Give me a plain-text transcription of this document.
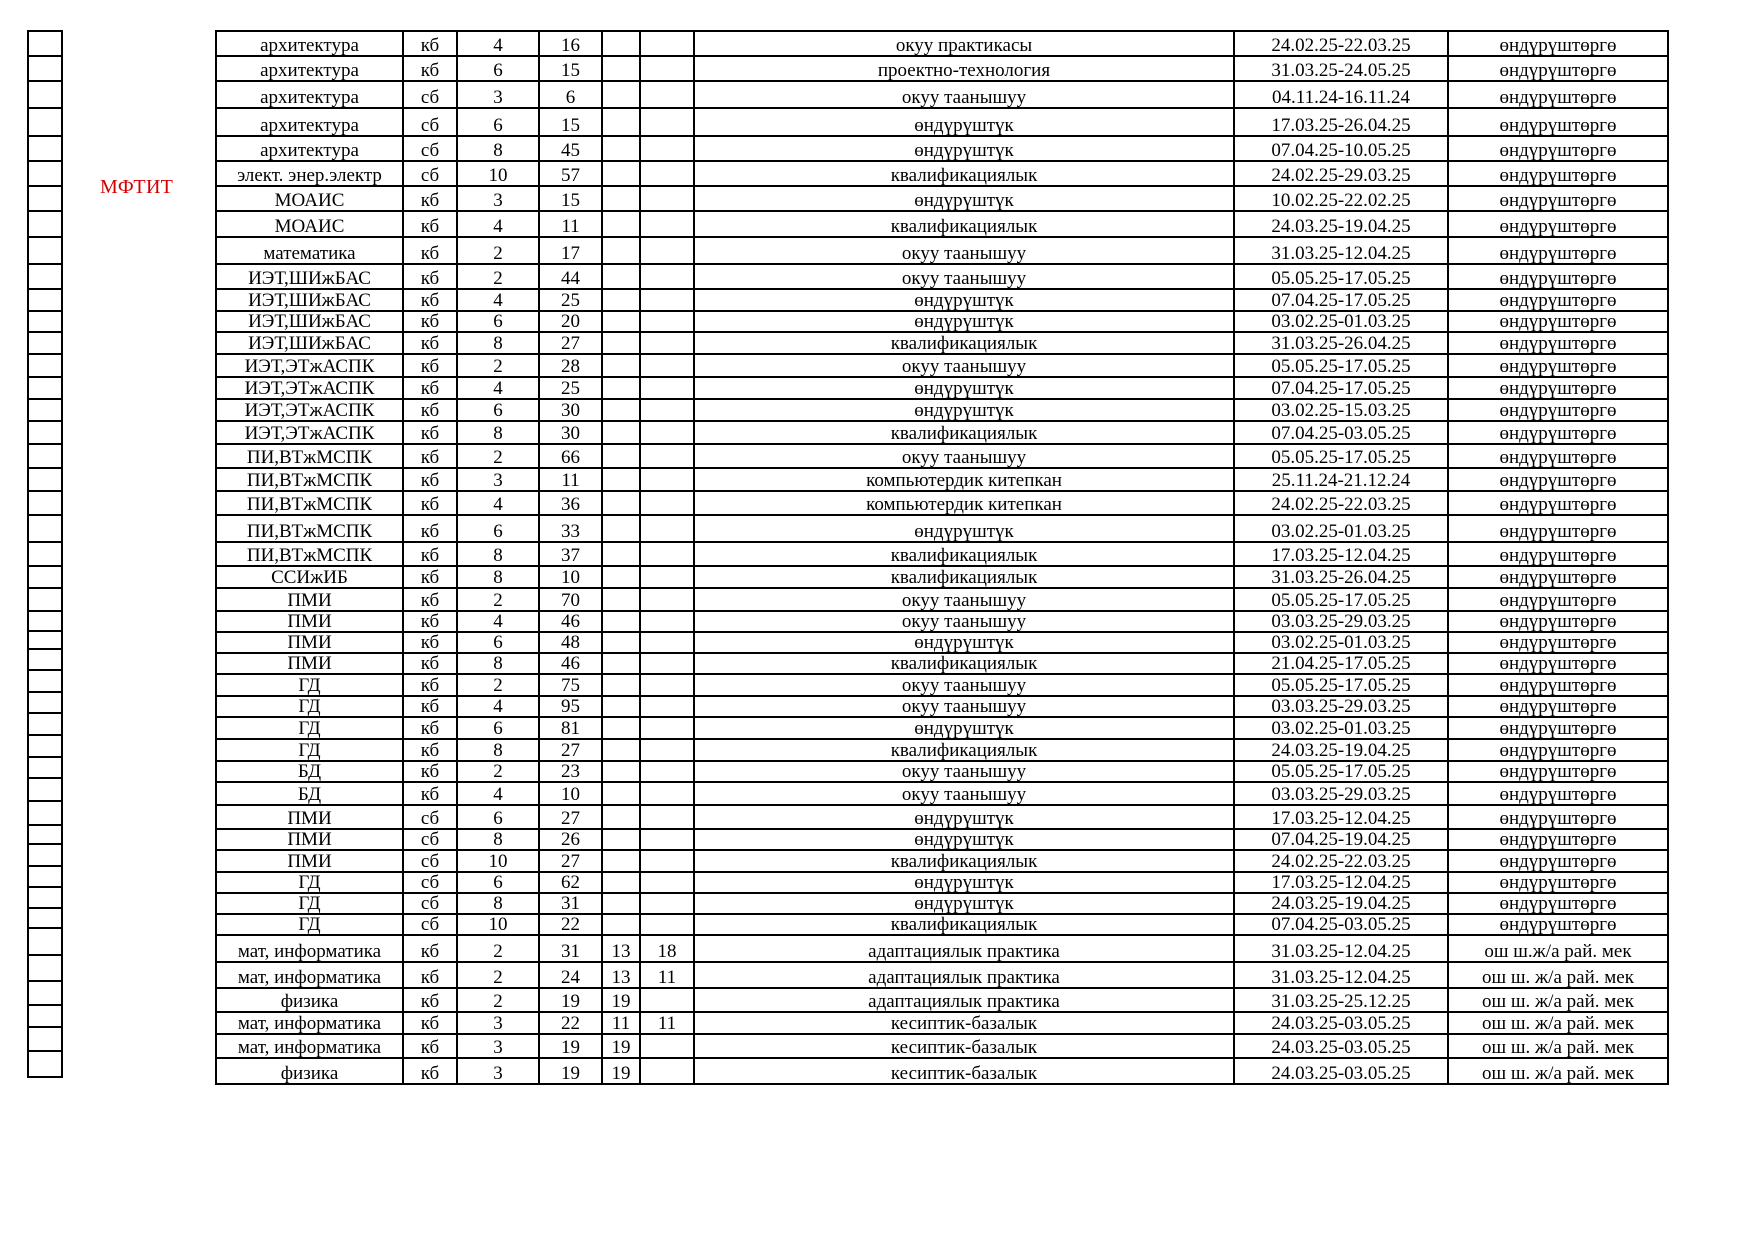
МФТИТ
архитектура	кб	4	16			окуу практикасы	24.02.25-22.03.25	өндүрүштөргө
архитектура	кб	6	15			проектно-технология	31.03.25-24.05.25	өндүрүштөргө
архитектура	сб	3	6			окуу таанышуу	04.11.24-16.11.24	өндүрүштөргө
архитектура	сб	6	15			өндүрүштүк	17.03.25-26.04.25	өндүрүштөргө
архитектура	сб	8	45			өндүрүштүк	07.04.25-10.05.25	өндүрүштөргө
элект. энер.электр	сб	10	57			квалификациялык	24.02.25-29.03.25	өндүрүштөргө
МОАИС	кб	3	15			өндүрүштүк	10.02.25-22.02.25	өндүрүштөргө
МОАИС	кб	4	11			квалификациялык	24.03.25-19.04.25	өндүрүштөргө
математика	кб	2	17			окуу таанышуу	31.03.25-12.04.25	өндүрүштөргө
ИЭТ,ШИжБАС	кб	2	44			окуу таанышуу	05.05.25-17.05.25	өндүрүштөргө
ИЭТ,ШИжБАС	кб	4	25			өндүрүштүк	07.04.25-17.05.25	өндүрүштөргө
ИЭТ,ШИжБАС	кб	6	20			өндүрүштүк	03.02.25-01.03.25	өндүрүштөргө
ИЭТ,ШИжБАС	кб	8	27			квалификациялык	31.03.25-26.04.25	өндүрүштөргө
ИЭТ,ЭТжАСПК	кб	2	28			окуу таанышуу	05.05.25-17.05.25	өндүрүштөргө
ИЭТ,ЭТжАСПК	кб	4	25			өндүрүштүк	07.04.25-17.05.25	өндүрүштөргө
ИЭТ,ЭТжАСПК	кб	6	30			өндүрүштүк	03.02.25-15.03.25	өндүрүштөргө
ИЭТ,ЭТжАСПК	кб	8	30			квалификациялык	07.04.25-03.05.25	өндүрүштөргө
ПИ,ВТжМСПК	кб	2	66			окуу таанышуу	05.05.25-17.05.25	өндүрүштөргө
ПИ,ВТжМСПК	кб	3	11			компьютердик китепкан	25.11.24-21.12.24	өндүрүштөргө
ПИ,ВТжМСПК	кб	4	36			компьютердик китепкан	24.02.25-22.03.25	өндүрүштөргө
ПИ,ВТжМСПК	кб	6	33			өндүрүштүк	03.02.25-01.03.25	өндүрүштөргө
ПИ,ВТжМСПК	кб	8	37			квалификациялык	17.03.25-12.04.25	өндүрүштөргө
ССИжИБ	кб	8	10			квалификациялык	31.03.25-26.04.25	өндүрүштөргө
ПМИ	кб	2	70			окуу таанышуу	05.05.25-17.05.25	өндүрүштөргө
ПМИ	кб	4	46			окуу таанышуу	03.03.25-29.03.25	өндүрүштөргө
ПМИ	кб	6	48			өндүрүштүк	03.02.25-01.03.25	өндүрүштөргө
ПМИ	кб	8	46			квалификациялык	21.04.25-17.05.25	өндүрүштөргө
ГД	кб	2	75			окуу таанышуу	05.05.25-17.05.25	өндүрүштөргө
ГД	кб	4	95			окуу таанышуу	03.03.25-29.03.25	өндүрүштөргө
ГД	кб	6	81			өндүрүштүк	03.02.25-01.03.25	өндүрүштөргө
ГД	кб	8	27			квалификациялык	24.03.25-19.04.25	өндүрүштөргө
БД	кб	2	23			окуу таанышуу	05.05.25-17.05.25	өндүрүштөргө
БД	кб	4	10			окуу таанышуу	03.03.25-29.03.25	өндүрүштөргө
ПМИ	сб	6	27			өндүрүштүк	17.03.25-12.04.25	өндүрүштөргө
ПМИ	сб	8	26			өндүрүштүк	07.04.25-19.04.25	өндүрүштөргө
ПМИ	сб	10	27			квалификациялык	24.02.25-22.03.25	өндүрүштөргө
ГД	сб	6	62			өндүрүштүк	17.03.25-12.04.25	өндүрүштөргө
ГД	сб	8	31			өндүрүштүк	24.03.25-19.04.25	өндүрүштөргө
ГД	сб	10	22			квалификациялык	07.04.25-03.05.25	өндүрүштөргө
мат, информатика	кб	2	31	13	18	адаптациялык практика	31.03.25-12.04.25	ош ш.ж/а рай. мек
мат, информатика	кб	2	24	13	11	адаптациялык практика	31.03.25-12.04.25	ош ш. ж/а рай. мек
физика	кб	2	19	19		адаптациялык практика	31.03.25-25.12.25	ош ш. ж/а рай. мек
мат, информатика	кб	3	22	11	11	кесиптик-базалык	24.03.25-03.05.25	ош ш. ж/а рай. мек
мат, информатика	кб	3	19	19		кесиптик-базалык	24.03.25-03.05.25	ош ш. ж/а рай. мек
физика	кб	3	19	19		кесиптик-базалык	24.03.25-03.05.25	ош ш. ж/а рай. мек
